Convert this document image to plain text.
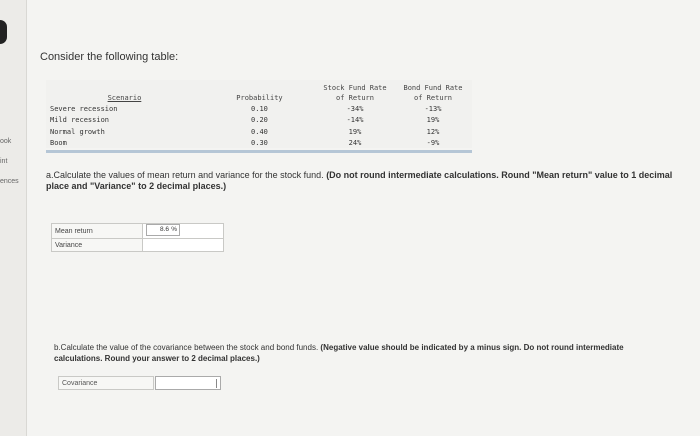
ook
int
ences
Consider the following table:
Scenario	Probability	Stock Fund Rate of Return	Bond Fund Rate of Return
Severe recession	0.10	-34%	-13%
Mild recession	0.20	-14%	19%
Normal growth	0.40	19%	12%
Boom	0.30	24%	-9%
a.Calculate the values of mean return and variance for the stock fund. (Do not round intermediate calculations. Round "Mean return" value to 1 decimal place and "Variance" to 2 decimal places.)
Mean return	8.6 %

Variance	
b.Calculate the value of the covariance between the stock and bond funds. (Negative value should be indicated by a minus sign. Do not round intermediate calculations. Round your answer to 2 decimal places.)
Covariance
